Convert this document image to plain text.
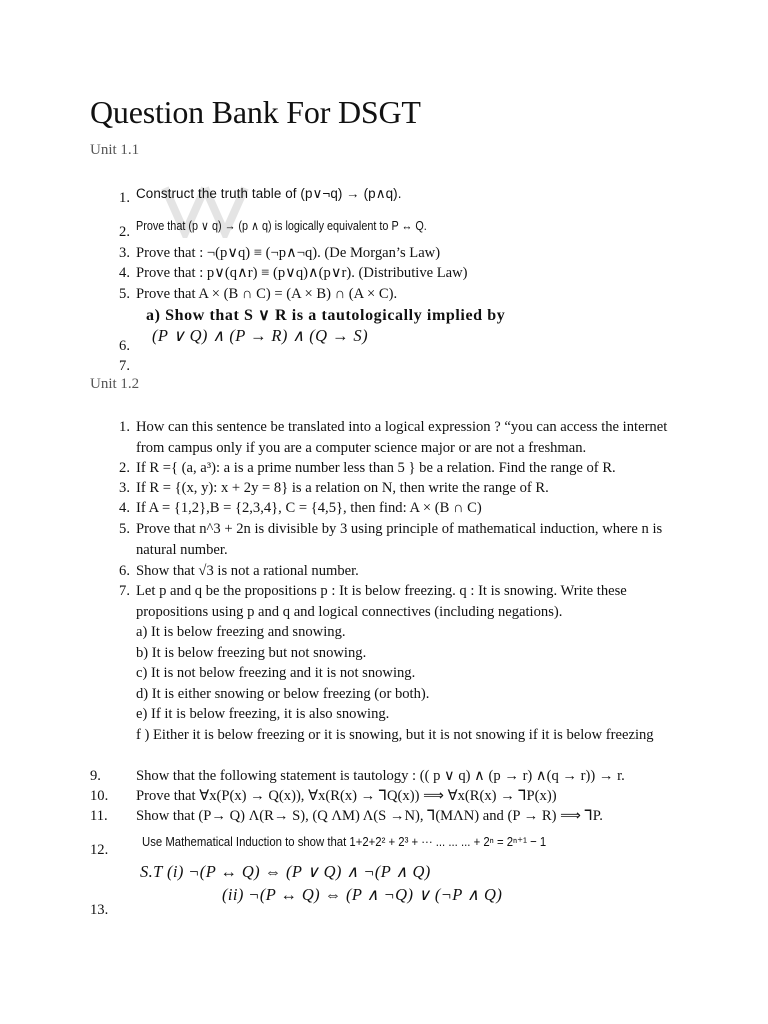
Question Bank For DSGT
Unit 1.1
1. Construct the truth table of (p∨¬q) → (p∧q).
2. Prove that (p ∨ q) → (p ∧ q) is logically equivalent to P ↔ Q.
3. Prove that : ¬(p∨q) ≡ (¬p∧¬q). (De Morgan’s Law)
4. Prove that : p∨(q∧r) ≡ (p∨q)∧(p∨r). (Distributive Law)
5. Prove that A × (B ∩ C) = (A × B) ∩ (A × C).
a) Show that S ∨ R is a tautologically implied by
(P ∨ Q) ∧ (P → R) ∧ (Q → S)
6.
7.
Unit 1.2
1. How can this sentence be translated into a logical expression ? “you can access the internet from campus only if you are a computer science major or are not a freshman.
2. If R ={ (a, a³): a is a prime number less than 5 } be a relation. Find the range of R.
3. If R = {(x, y): x + 2y = 8} is a relation on N, then write the range of R.
4. If A = {1,2},B = {2,3,4}, C = {4,5}, then find: A × (B ∩ C)
5. Prove that n^3 + 2n is divisible by 3 using principle of mathematical induction, where n is natural number.
6. Show that √3 is not a rational number.
7. Let p and q be the propositions p : It is below freezing. q : It is snowing. Write these propositions using p and q and logical connectives (including negations).
a) It is below freezing and snowing.
b) It is below freezing but not snowing.
c) It is not below freezing and it is not snowing.
d) It is either snowing or below freezing (or both).
e) If it is below freezing, it is also snowing.
f ) Either it is below freezing or it is snowing, but it is not snowing if it is below freezing
9.	Show that the following statement is tautology : (( p ∨ q) ∧ (p → r) ∧(q → r)) → r.
10.	Prove that ∀x(P(x) → Q(x)), ∀x(R(x) → ⅂Q(x)) ⟹ ∀x(R(x) → ⅂P(x))
11.	Show that (P→ Q) Λ(R→ S), (Q ΛM) Λ(S →N), ⅂(MΛN) and (P → R) ⟹ ⅂P.
12.
Use Mathematical Induction to show that 1+2+2² + 2³ + ··· ... ... ... + 2ⁿ = 2ⁿ⁺¹ − 1
S.T (i) ¬(P ↔ Q) ⇔ (P ∨ Q) ∧ ¬(P ∧ Q)
(ii) ¬(P ↔ Q) ⇔ (P ∧ ¬Q) ∨ (¬P ∧ Q)
13.
